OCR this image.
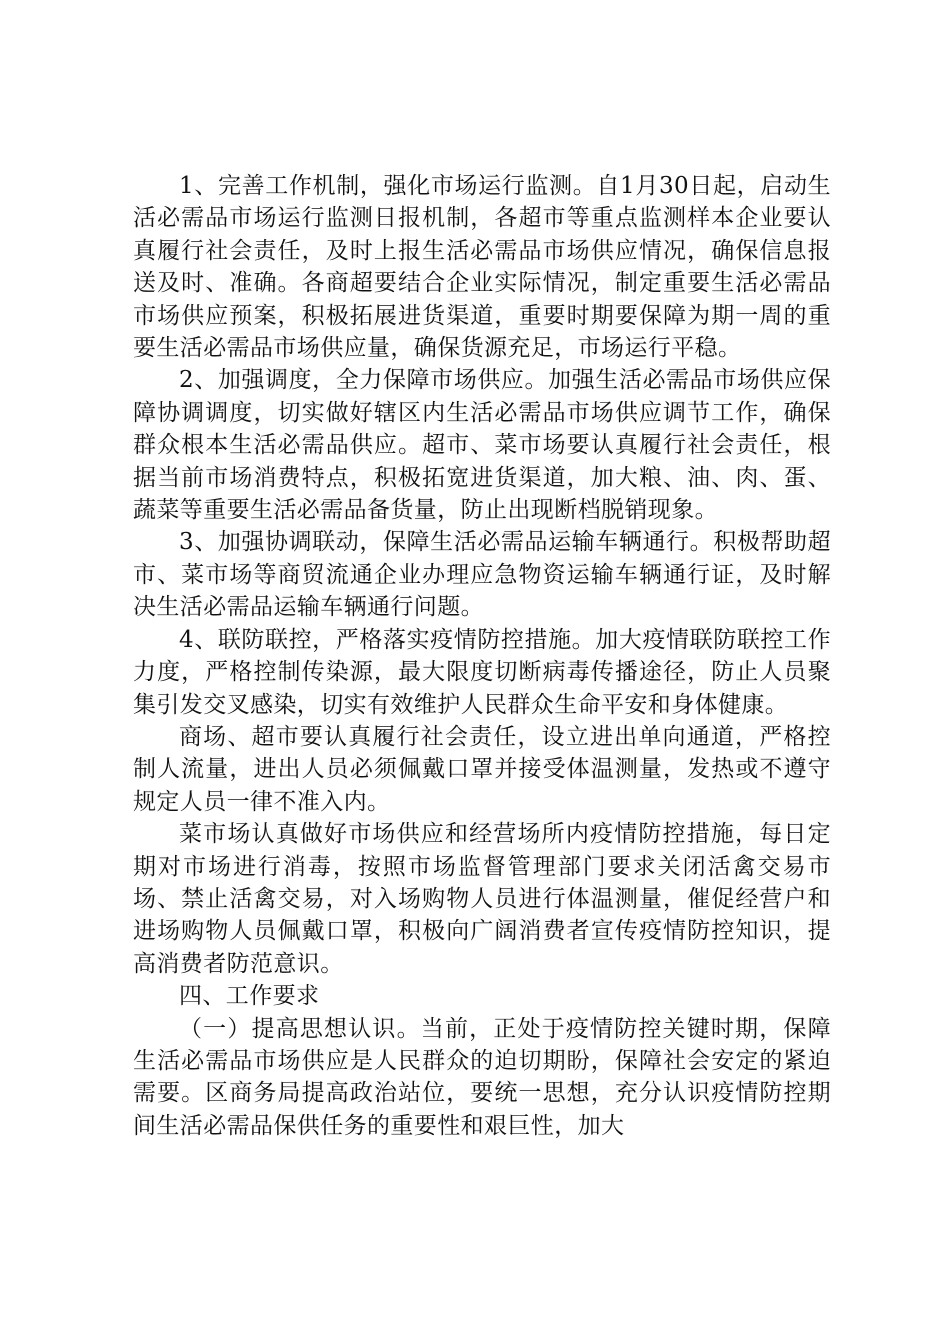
1、完善工作机制，强化市场运行监测。自1月30日起，启动生活必需品市场运行监测日报机制，各超市等重点监测样本企业要认真履行社会责任，及时上报生活必需品市场供应情况，确保信息报送及时、准确。各商超要结合企业实际情况，制定重要生活必需品市场供应预案，积极拓展进货渠道，重要时期要保障为期一周的重要生活必需品市场供应量，确保货源充足，市场运行平稳。

2、加强调度，全力保障市场供应。加强生活必需品市场供应保障协调调度，切实做好辖区内生活必需品市场供应调节工作，确保群众根本生活必需品供应。超市、菜市场要认真履行社会责任，根据当前市场消费特点，积极拓宽进货渠道，加大粮、油、肉、蛋、蔬菜等重要生活必需品备货量，防止出现断档脱销现象。

3、加强协调联动，保障生活必需品运输车辆通行。积极帮助超市、菜市场等商贸流通企业办理应急物资运输车辆通行证，及时解决生活必需品运输车辆通行问题。

4、联防联控，严格落实疫情防控措施。加大疫情联防联控工作力度，严格控制传染源，最大限度切断病毒传播途径，防止人员聚集引发交叉感染，切实有效维护人民群众生命平安和身体健康。

商场、超市要认真履行社会责任，设立进出单向通道，严格控制人流量，进出人员必须佩戴口罩并接受体温测量，发热或不遵守规定人员一律不准入内。

菜市场认真做好市场供应和经营场所内疫情防控措施，每日定期对市场进行消毒，按照市场监督管理部门要求关闭活禽交易市场、禁止活禽交易，对入场购物人员进行体温测量，催促经营户和进场购物人员佩戴口罩，积极向广阔消费者宣传疫情防控知识，提高消费者防范意识。

四、工作要求

（一）提高思想认识。当前，正处于疫情防控关键时期，保障生活必需品市场供应是人民群众的迫切期盼，保障社会安定的紧迫需要。区商务局提高政治站位，要统一思想，充分认识疫情防控期间生活必需品保供任务的重要性和艰巨性，加大
